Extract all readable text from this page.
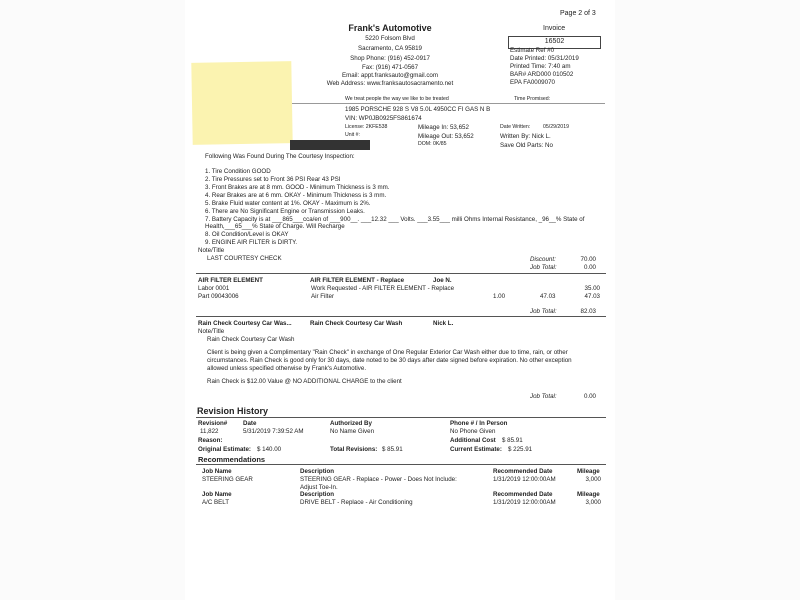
Page 2 of 3
Frank's Automotive
5220 Folsom Blvd
Sacramento, CA 95819
Shop Phone: (916) 452-0917
Fax: (916) 471-0567
Email: appt.franksauto@gmail.com
Web Address: www.franksautosacramento.net
We treat people the way we like to be treated
Invoice
16502
Estimate Ref #0
Date Printed: 05/31/2019
Printed Time: 7:40 am
BAR# ARD000 010502
EPA FA0009070
Time Promised:
1985 PORSCHE 928 S V8 5.0L 4950CC FI GAS N B
VIN: WP0JB0925FS861674
License: 2KFE538
Unit #:
DOM: 0K/85
Mileage In: 53,652
Mileage Out: 53,652
Date Written: 05/29/2019
Written By: Nick L.
Save Old Parts: No
Following Was Found During The Courtesy Inspection:
1. Tire Condition GOOD
2. Tire Pressures set to Front 36 PSI Rear 43 PSI
3. Front Brakes are at 8 mm. GOOD - Minimum Thickness is 3 mm.
4. Rear Brakes are at 6 mm. OKAY - Minimum Thickness is 3 mm.
5. Brake Fluid water content at 1%. OKAY - Maximum is 2%.
6. There are No Significant Engine or Transmission Leaks.
7. Battery Capacity is at ___865___cca/en of ___900__. ___12.32 ___ Volts. ___3.55___ milli Ohms Internal Resistance, _96__% State of
Health,___65___% State of Charge. Will Recharge
8. Oil Condition/Level is OKAY
9. ENGINE AIR FILTER is DIRTY.
Note/Title
LAST COURTESY CHECK	Discount:	70.00
Job Total:	0.00
AIR FILTER ELEMENT	AIR FILTER ELEMENT - Replace	Joe N.
Labor 0001	Work Requested - AIR FILTER ELEMENT - Replace	35.00
Part 09043006	Air Filter	1.00	47.03	47.03
Job Total:	82.03
Rain Check Courtesy Car Was...	Rain Check Courtesy Car Wash	Nick L.
Note/Title
Rain Check Courtesy Car Wash
Client is being given a Complimentary "Rain Check" in exchange of One Regular Exterior Car Wash either due to time, rain, or other
circumstances. Rain Check is good only for 30 days, date noted to be 30 days after date signed before expiration. No other exception
allowed unless specified otherwise by Frank's Automotive.
Rain Check is $12.00 Value @ NO ADDITIONAL CHARGE to the client
Job Total:	0.00
Revision History
Revision#	Date	Authorized By	Phone # / In Person
11,822	5/31/2019 7:39:52 AM	No Name Given	No Phone Given
Reason:	Additional Cost $ 85.91
Original Estimate: $ 140.00	Total Revisions: $ 85.91	Current Estimate: $ 225.91
Recommendations
Job Name	Description	Recommended Date	Mileage
STEERING GEAR	STEERING GEAR - Replace - Power - Does Not Include:
Adjust Toe-In.
1/31/2019 12:00:00AM	3,000
Job Name	Description	Recommended Date	Mileage
A/C BELT	DRIVE BELT - Replace - Air Conditioning	1/31/2019 12:00:00AM	3,000
